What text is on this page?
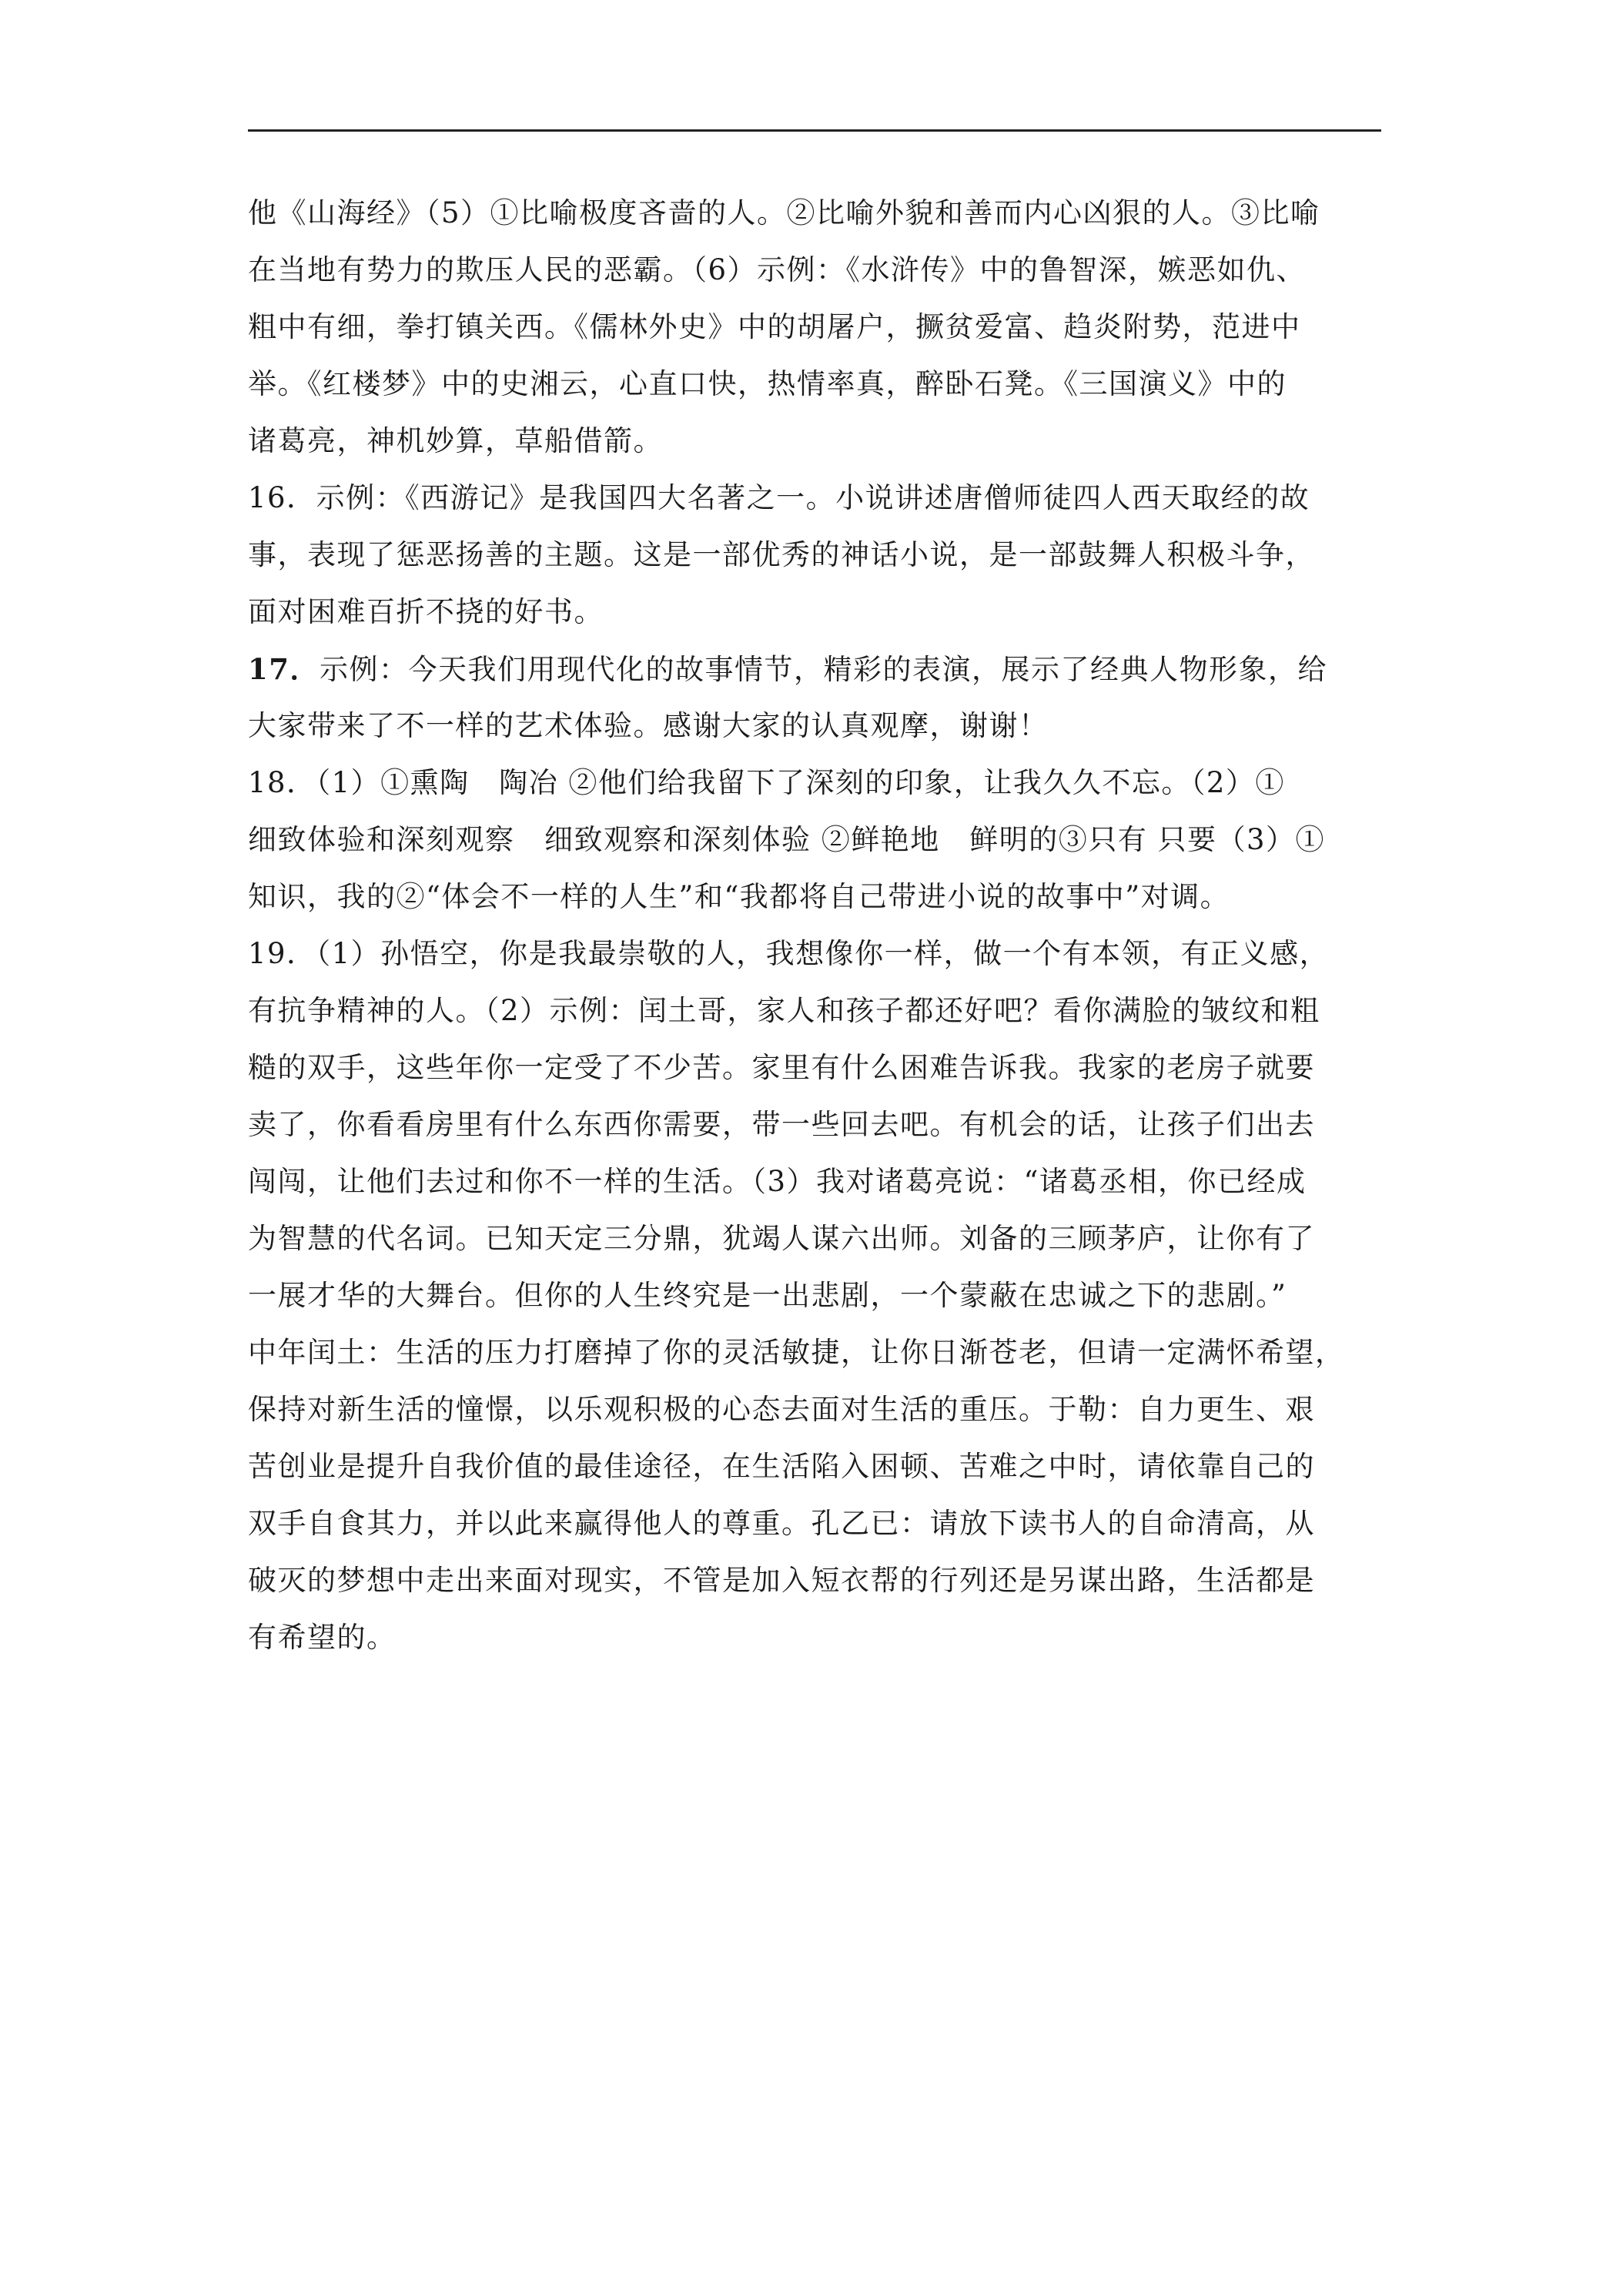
他《山海经》（5）①比喻极度吝啬的人。②比喻外貌和善而内心凶狠的人。③比喻
在当地有势力的欺压人民的恶霸。（6）示例：《水浒传》中的鲁智深，嫉恶如仇、
粗中有细，拳打镇关西。《儒林外史》中的胡屠户，撅贫爱富、趋炎附势，范进中
举。《红楼梦》中的史湘云，心直口快，热情率真，醉卧石凳。《三国演义》中的
诸葛亮，神机妙算，草船借箭。
16．示例：《西游记》是我国四大名著之一。小说讲述唐僧师徒四人西天取经的故
事，表现了惩恶扬善的主题。这是一部优秀的神话小说，是一部鼓舞人积极斗争，
面对困难百折不挠的好书。
17．示例：今天我们用现代化的故事情节，精彩的表演，展示了经典人物形象，给
大家带来了不一样的艺术体验。感谢大家的认真观摩，谢谢！
18．（1）①熏陶　陶冶 ②他们给我留下了深刻的印象，让我久久不忘。（2）①
细致体验和深刻观察　细致观察和深刻体验 ②鲜艳地　鲜明的③只有 只要（3）①
知识，我的②“体会不一样的人生”和“我都将自己带进小说的故事中”对调。
19．（1）孙悟空，你是我最崇敬的人，我想像你一样，做一个有本领，有正义感，
有抗争精神的人。（2）示例：闰土哥，家人和孩子都还好吧？看你满脸的皱纹和粗
糙的双手，这些年你一定受了不少苦。家里有什么困难告诉我。我家的老房子就要
卖了，你看看房里有什么东西你需要，带一些回去吧。有机会的话，让孩子们出去
闯闯，让他们去过和你不一样的生活。（3）我对诸葛亮说：“诸葛丞相，你已经成
为智慧的代名词。已知天定三分鼎，犹竭人谋六出师。刘备的三顾茅庐，让你有了
一展才华的大舞台。但你的人生终究是一出悲剧，一个蒙蔽在忠诚之下的悲剧。”
中年闰土：生活的压力打磨掉了你的灵活敏捷，让你日渐苍老，但请一定满怀希望，
保持对新生活的憧憬，以乐观积极的心态去面对生活的重压。于勒：自力更生、艰
苦创业是提升自我价值的最佳途径，在生活陷入困顿、苦难之中时，请依靠自己的
双手自食其力，并以此来赢得他人的尊重。孔乙已：请放下读书人的自命清高，从
破灭的梦想中走出来面对现实，不管是加入短衣帮的行列还是另谋出路，生活都是
有希望的。
